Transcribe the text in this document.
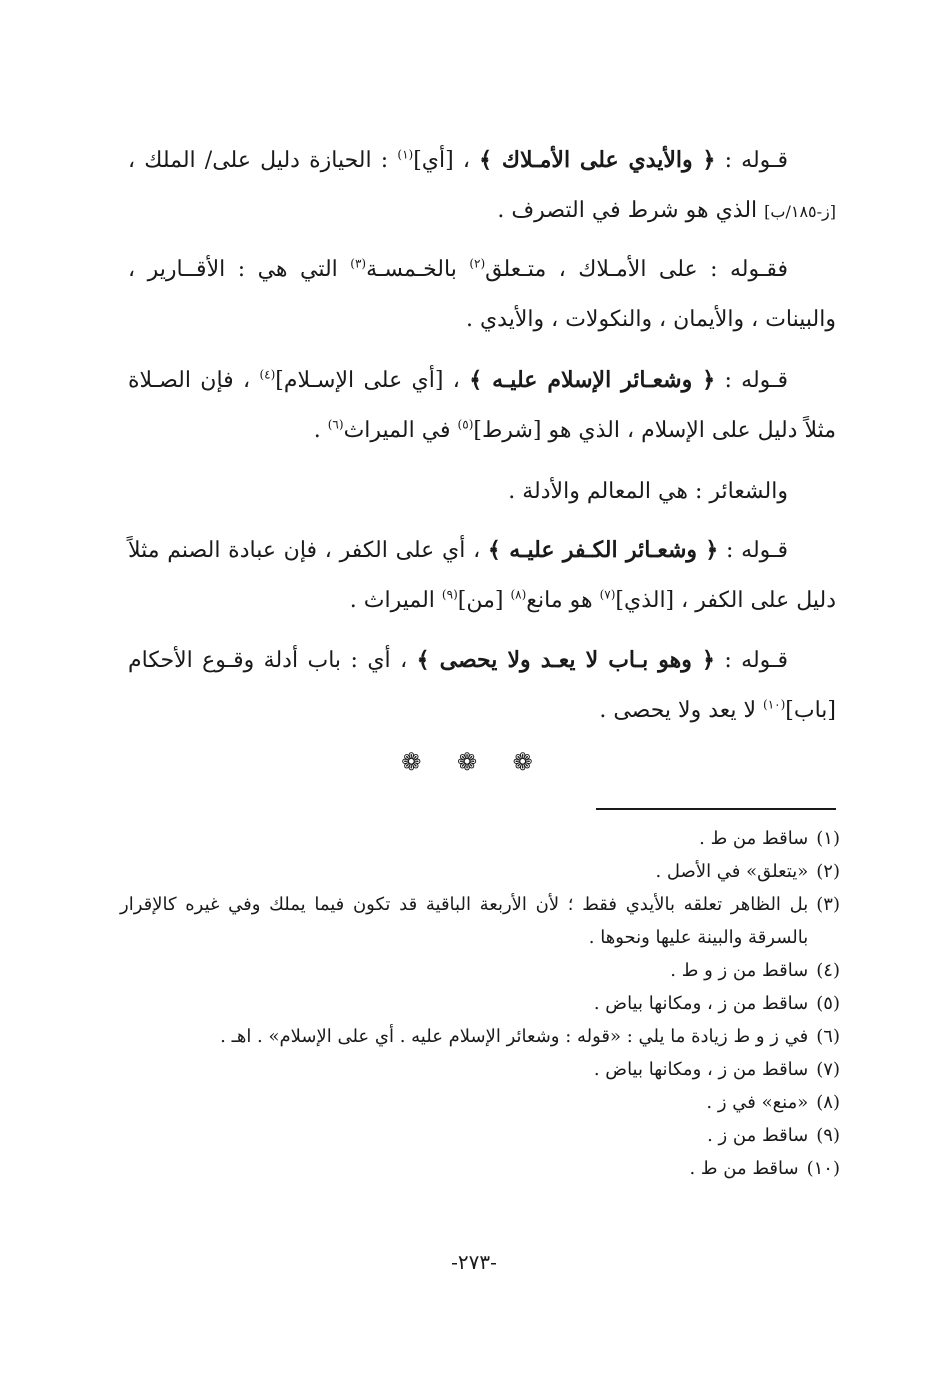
قـوله : ﴿ والأيدي على الأمـلاك ﴾ ، [أي]$^{(١)}$ : الحيازة دليل على/ الملك ، [ز-١٨٥/ب] الذي هو شرط في التصرف .

فقـوله : على الأمـلاك ، متـعلق$^{(٢)}$ بالخـمسـة$^{(٣)}$ التي هي : الأقــارير ، والبينات ، والأيمان ، والنكولات ، والأيدي .

قـوله : ﴿ وشعـائر الإسلام عليـه ﴾ ، [أي على الإسـلام]$^{(٤)}$ ، فإن الصـلاة مثلاً دليل على الإسلام ، الذي هو [شرط]$^{(٥)}$ في الميراث$^{(٦)}$ .

والشعائر : هي المعالم والأدلة .

قـوله : ﴿ وشعـائر الكـفر عليـه ﴾ ، أي على الكفر ، فإن عبادة الصنم مثلاً دليل على الكفر ، [الذي]$^{(٧)}$ هو مانع$^{(٨)}$ [من]$^{(٩)}$ الميراث .

قـوله : ﴿ وهو بـاب لا يعـد ولا يحصى ﴾ ، أي : باب أدلة وقـوع الأحكام [باب]$^{(١٠)}$ لا يعد ولا يحصى .

❁ ❁ ❁
(١)
ساقط من ط .
(٢)
«يتعلق» في الأصل .
(٣)
بل الظاهر تعلقه بالأيدي فقط ؛ لأن الأربعة الباقية قد تكون فيما يملك وفي غيره كالإقرار بالسرقة والبينة عليها ونحوها .
(٤)
ساقط من ز و ط .
(٥)
ساقط من ز ، ومكانها بياض .
(٦)
في ز و ط زيادة ما يلي : «قوله : وشعائر الإسلام عليه . أي على الإسلام» . اهـ .
(٧)
ساقط من ز ، ومكانها بياض .
(٨)
«منع» في ز .
(٩)
ساقط من ز .
(١٠)
ساقط من ط .
-٢٧٣-
